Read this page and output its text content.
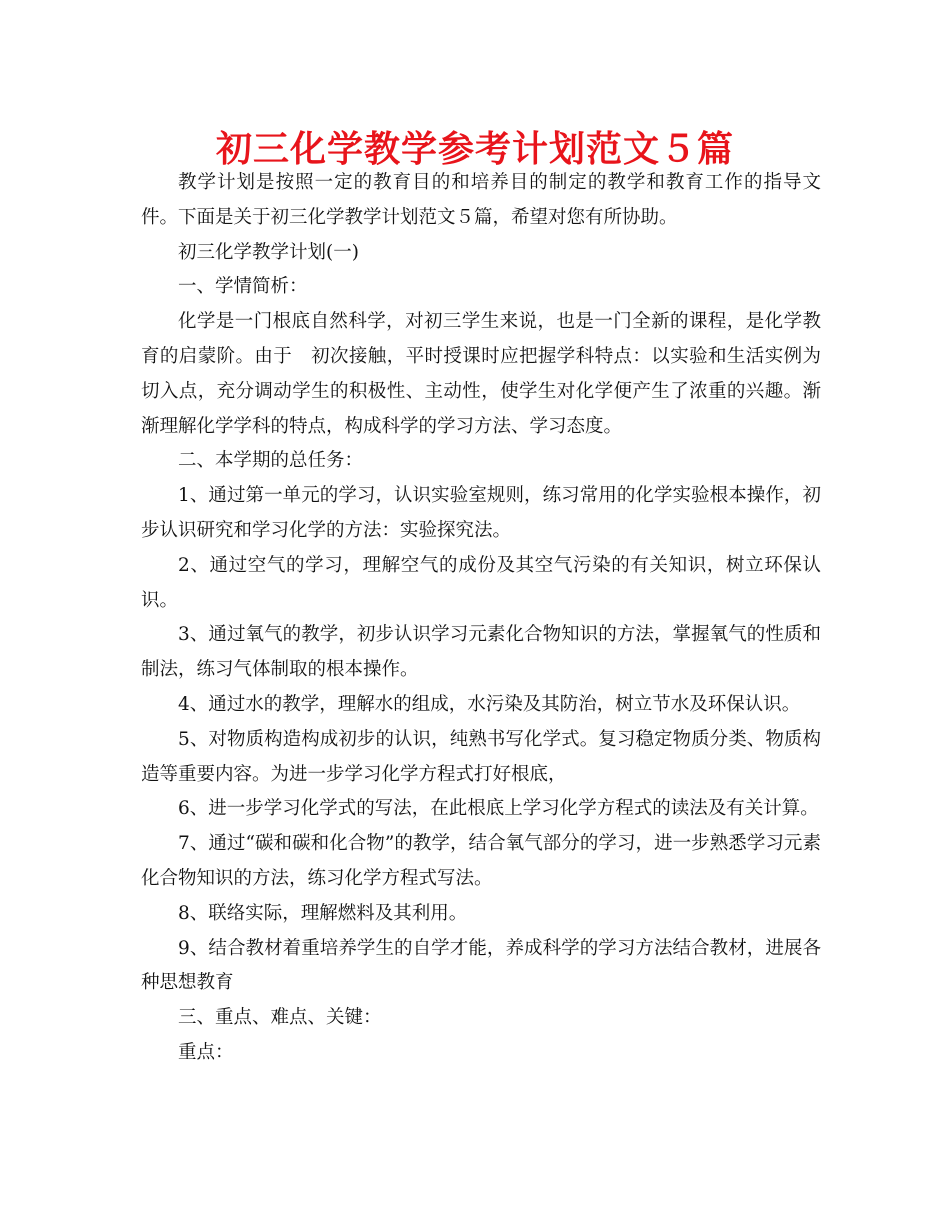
初三化学教学参考计划范文５篇

教学计划是按照一定的教育目的和培养目的制定的教学和教育工作的指导文件。下面是关于初三化学教学计划范文５篇，希望对您有所协助。

初三化学教学计划(一)

一、学情简析：

化学是一门根底自然科学，对初三学生来说，也是一门全新的课程，是化学教育的启蒙阶。由于　初次接触，平时授课时应把握学科特点：以实验和生活实例为切入点，充分调动学生的积极性、主动性，使学生对化学便产生了浓重的兴趣。渐渐理解化学学科的特点，构成科学的学习方法、学习态度。

二、本学期的总任务：

1、通过第一单元的学习，认识实验室规则，练习常用的化学实验根本操作，初步认识研究和学习化学的方法：实验探究法。

2、通过空气的学习，理解空气的成份及其空气污染的有关知识，树立环保认识。

3、通过氧气的教学，初步认识学习元素化合物知识的方法，掌握氧气的性质和制法，练习气体制取的根本操作。

4、通过水的教学，理解水的组成，水污染及其防治，树立节水及环保认识。

5、对物质构造构成初步的认识，纯熟书写化学式。复习稳定物质分类、物质构造等重要内容。为进一步学习化学方程式打好根底，

6、进一步学习化学式的写法，在此根底上学习化学方程式的读法及有关计算。

7、通过“碳和碳和化合物”的教学，结合氧气部分的学习，进一步熟悉学习元素化合物知识的方法，练习化学方程式写法。

8、联络实际，理解燃料及其利用。

9、结合教材着重培养学生的自学才能，养成科学的学习方法结合教材，进展各种思想教育

三、重点、难点、关键：

重点：
